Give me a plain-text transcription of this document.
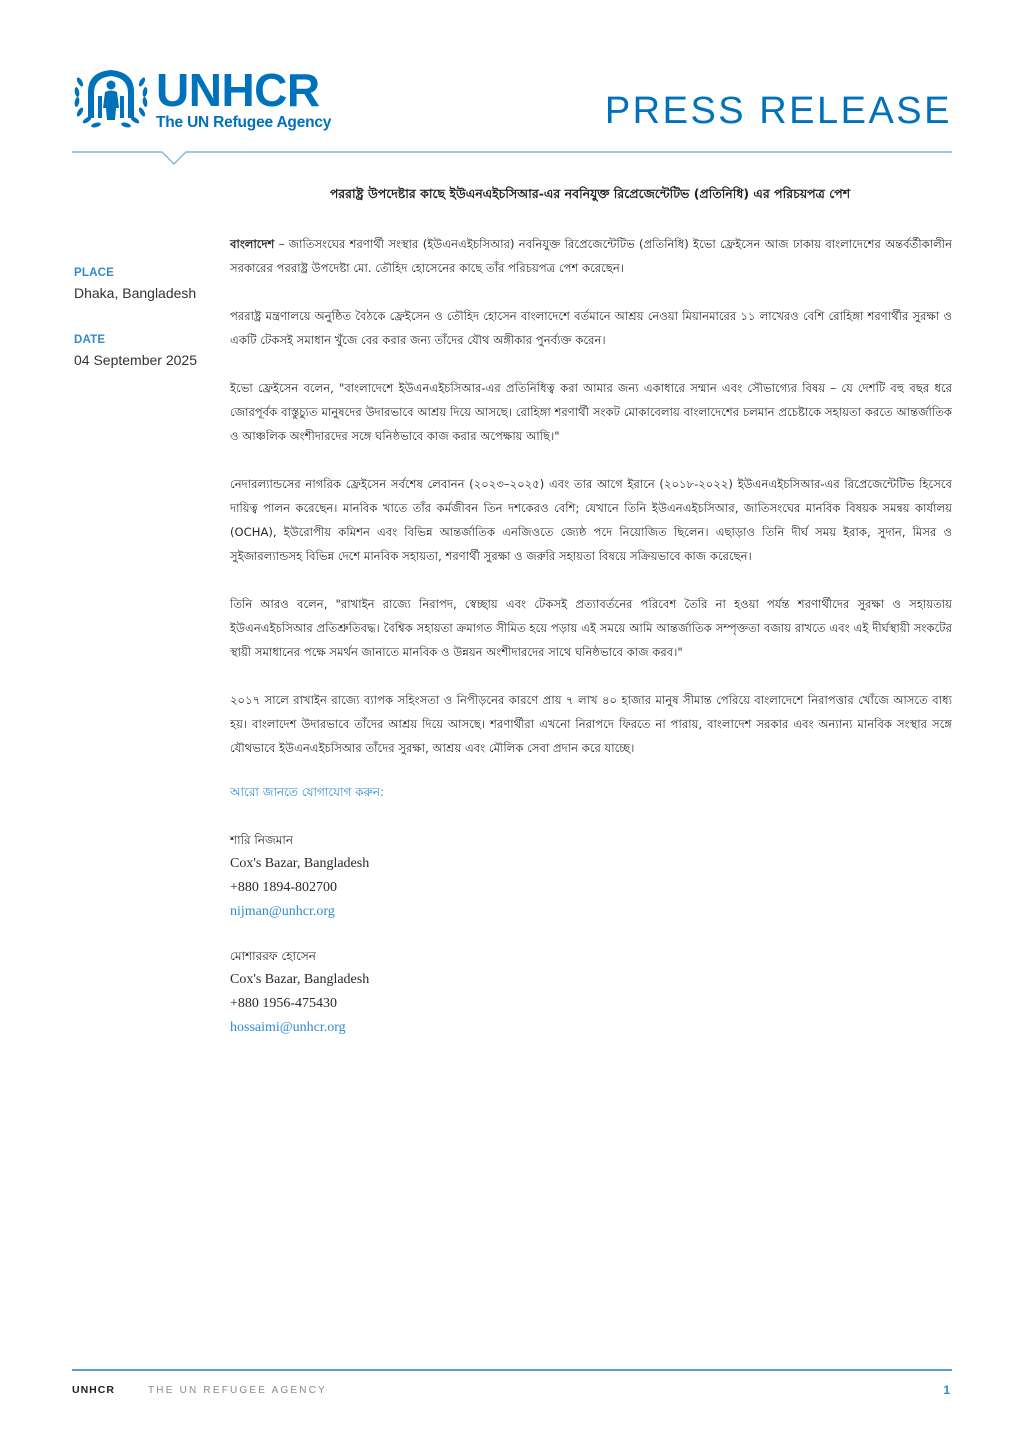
UNHCR
The UN Refugee Agency	PRESS RELEASE
পররাষ্ট্র উপদেষ্টার কাছে ইউএনএইচসিআর-এর নবনিযুক্ত রিপ্রেজেন্টেটিভ (প্রতিনিধি) এর পরিচয়পত্র পেশ
PLACE
Dhaka, Bangladesh
DATE
04 September 2025

বাংলাদেশ – জাতিসংঘের শরণার্থী সংস্থার (ইউএনএইচসিআর) নবনিযুক্ত রিপ্রেজেন্টেটিভ (প্রতিনিধি) ইভো ফ্রেইসেন আজ ঢাকায় বাংলাদেশের অন্তর্বর্তীকালীন সরকারের পররাষ্ট্র উপদেষ্টা মো. তৌহিদ হোসেনের কাছে তাঁর পরিচয়পত্র পেশ করেছেন।

পররাষ্ট্র মন্ত্রণালয়ে অনুষ্ঠিত বৈঠকে ফ্রেইসেন ও তৌহিদ হোসেন বাংলাদেশে বর্তমানে আশ্রয় নেওয়া মিয়ানমারের ১১ লাখেরও বেশি রোহিঙ্গা শরণার্থীর সুরক্ষা ও একটি টেকসই সমাধান খুঁজে বের করার জন্য তাঁদের যৌথ অঙ্গীকার পুনর্ব্যক্ত করেন।

ইভো ফ্রেইসেন বলেন, "বাংলাদেশে ইউএনএইচসিআর-এর প্রতিনিধিত্ব করা আমার জন্য একাধারে সম্মান এবং সৌভাগ্যের বিষয় – যে দেশটি বহু বছর ধরে জোরপূর্বক বাস্তুচ্যুত মানুষদের উদারভাবে আশ্রয় দিয়ে আসছে। রোহিঙ্গা শরণার্থী সংকট মোকাবেলায় বাংলাদেশের চলমান প্রচেষ্টাকে সহায়তা করতে আন্তর্জাতিক ও আঞ্চলিক অংশীদারদের সঙ্গে ঘনিষ্ঠভাবে কাজ করার অপেক্ষায় আছি।"

নেদারল্যান্ডসের নাগরিক ফ্রেইসেন সর্বশেষ লেবানন (২০২৩–২০২৫) এবং তার আগে ইরানে (২০১৮-২০২২) ইউএনএইচসিআর-এর রিপ্রেজেন্টেটিভ হিসেবে দায়িত্ব পালন করেছেন। মানবিক খাতে তাঁর কর্মজীবন তিন দশকেরও বেশি; যেখানে তিনি ইউএনএইচসিআর, জাতিসংঘের মানবিক বিষয়ক সমন্বয় কার্যালয় (OCHA), ইউরোপীয় কমিশন এবং বিভিন্ন আন্তর্জাতিক এনজিওতে জ্যেষ্ঠ পদে নিয়োজিত ছিলেন। এছাড়াও তিনি দীর্ঘ সময় ইরাক, সুদান, মিসর ও সুইজারল্যান্ডসহ বিভিন্ন দেশে মানবিক সহায়তা, শরণার্থী সুরক্ষা ও জরুরি সহায়তা বিষয়ে সক্রিয়ভাবে কাজ করেছেন।

তিনি আরও বলেন, "রাখাইন রাজ্যে নিরাপদ, স্বেচ্ছায় এবং টেকসই প্রত্যাবর্তনের পরিবেশ তৈরি না হওয়া পর্যন্ত শরণার্থীদের সুরক্ষা ও সহায়তায় ইউএনএইচসিআর প্রতিশ্রুতিবদ্ধ। বৈশ্বিক সহায়তা ক্রমাগত সীমিত হয়ে পড়ায় এই সময়ে আমি আন্তর্জাতিক সম্পৃক্ততা বজায় রাখতে এবং এই দীর্ঘস্থায়ী সংকটের স্থায়ী সমাধানের পক্ষে সমর্থন জানাতে মানবিক ও উন্নয়ন অংশীদারদের সাথে ঘনিষ্ঠভাবে কাজ করব।"

২০১৭ সালে রাখাইন রাজ্যে ব্যাপক সহিংসতা ও নিপীড়নের কারণে প্রায় ৭ লাখ ৪০ হাজার মানুষ সীমান্ত পেরিয়ে বাংলাদেশে নিরাপত্তার খোঁজে আসতে বাধ্য হয়। বাংলাদেশ উদারভাবে তাঁদের আশ্রয় দিয়ে আসছে। শরণার্থীরা এখনো নিরাপদে ফিরতে না পারায়, বাংলাদেশ সরকার এবং অন্যান্য মানবিক সংস্থার সঙ্গে যৌথভাবে ইউএনএইচসিআর তাঁদের সুরক্ষা, আশ্রয় এবং মৌলিক সেবা প্রদান করে যাচ্ছে।

আরো জানতে যোগাযোগ করুন:
শারি নিজমান
Cox's Bazar, Bangladesh
+880 1894-802700
nijman@unhcr.org
মোশাররফ হোসেন
Cox's Bazar, Bangladesh
+880 1956-475430
hossaimi@unhcr.org
UNHCR	THE UN REFUGEE AGENCY	1
